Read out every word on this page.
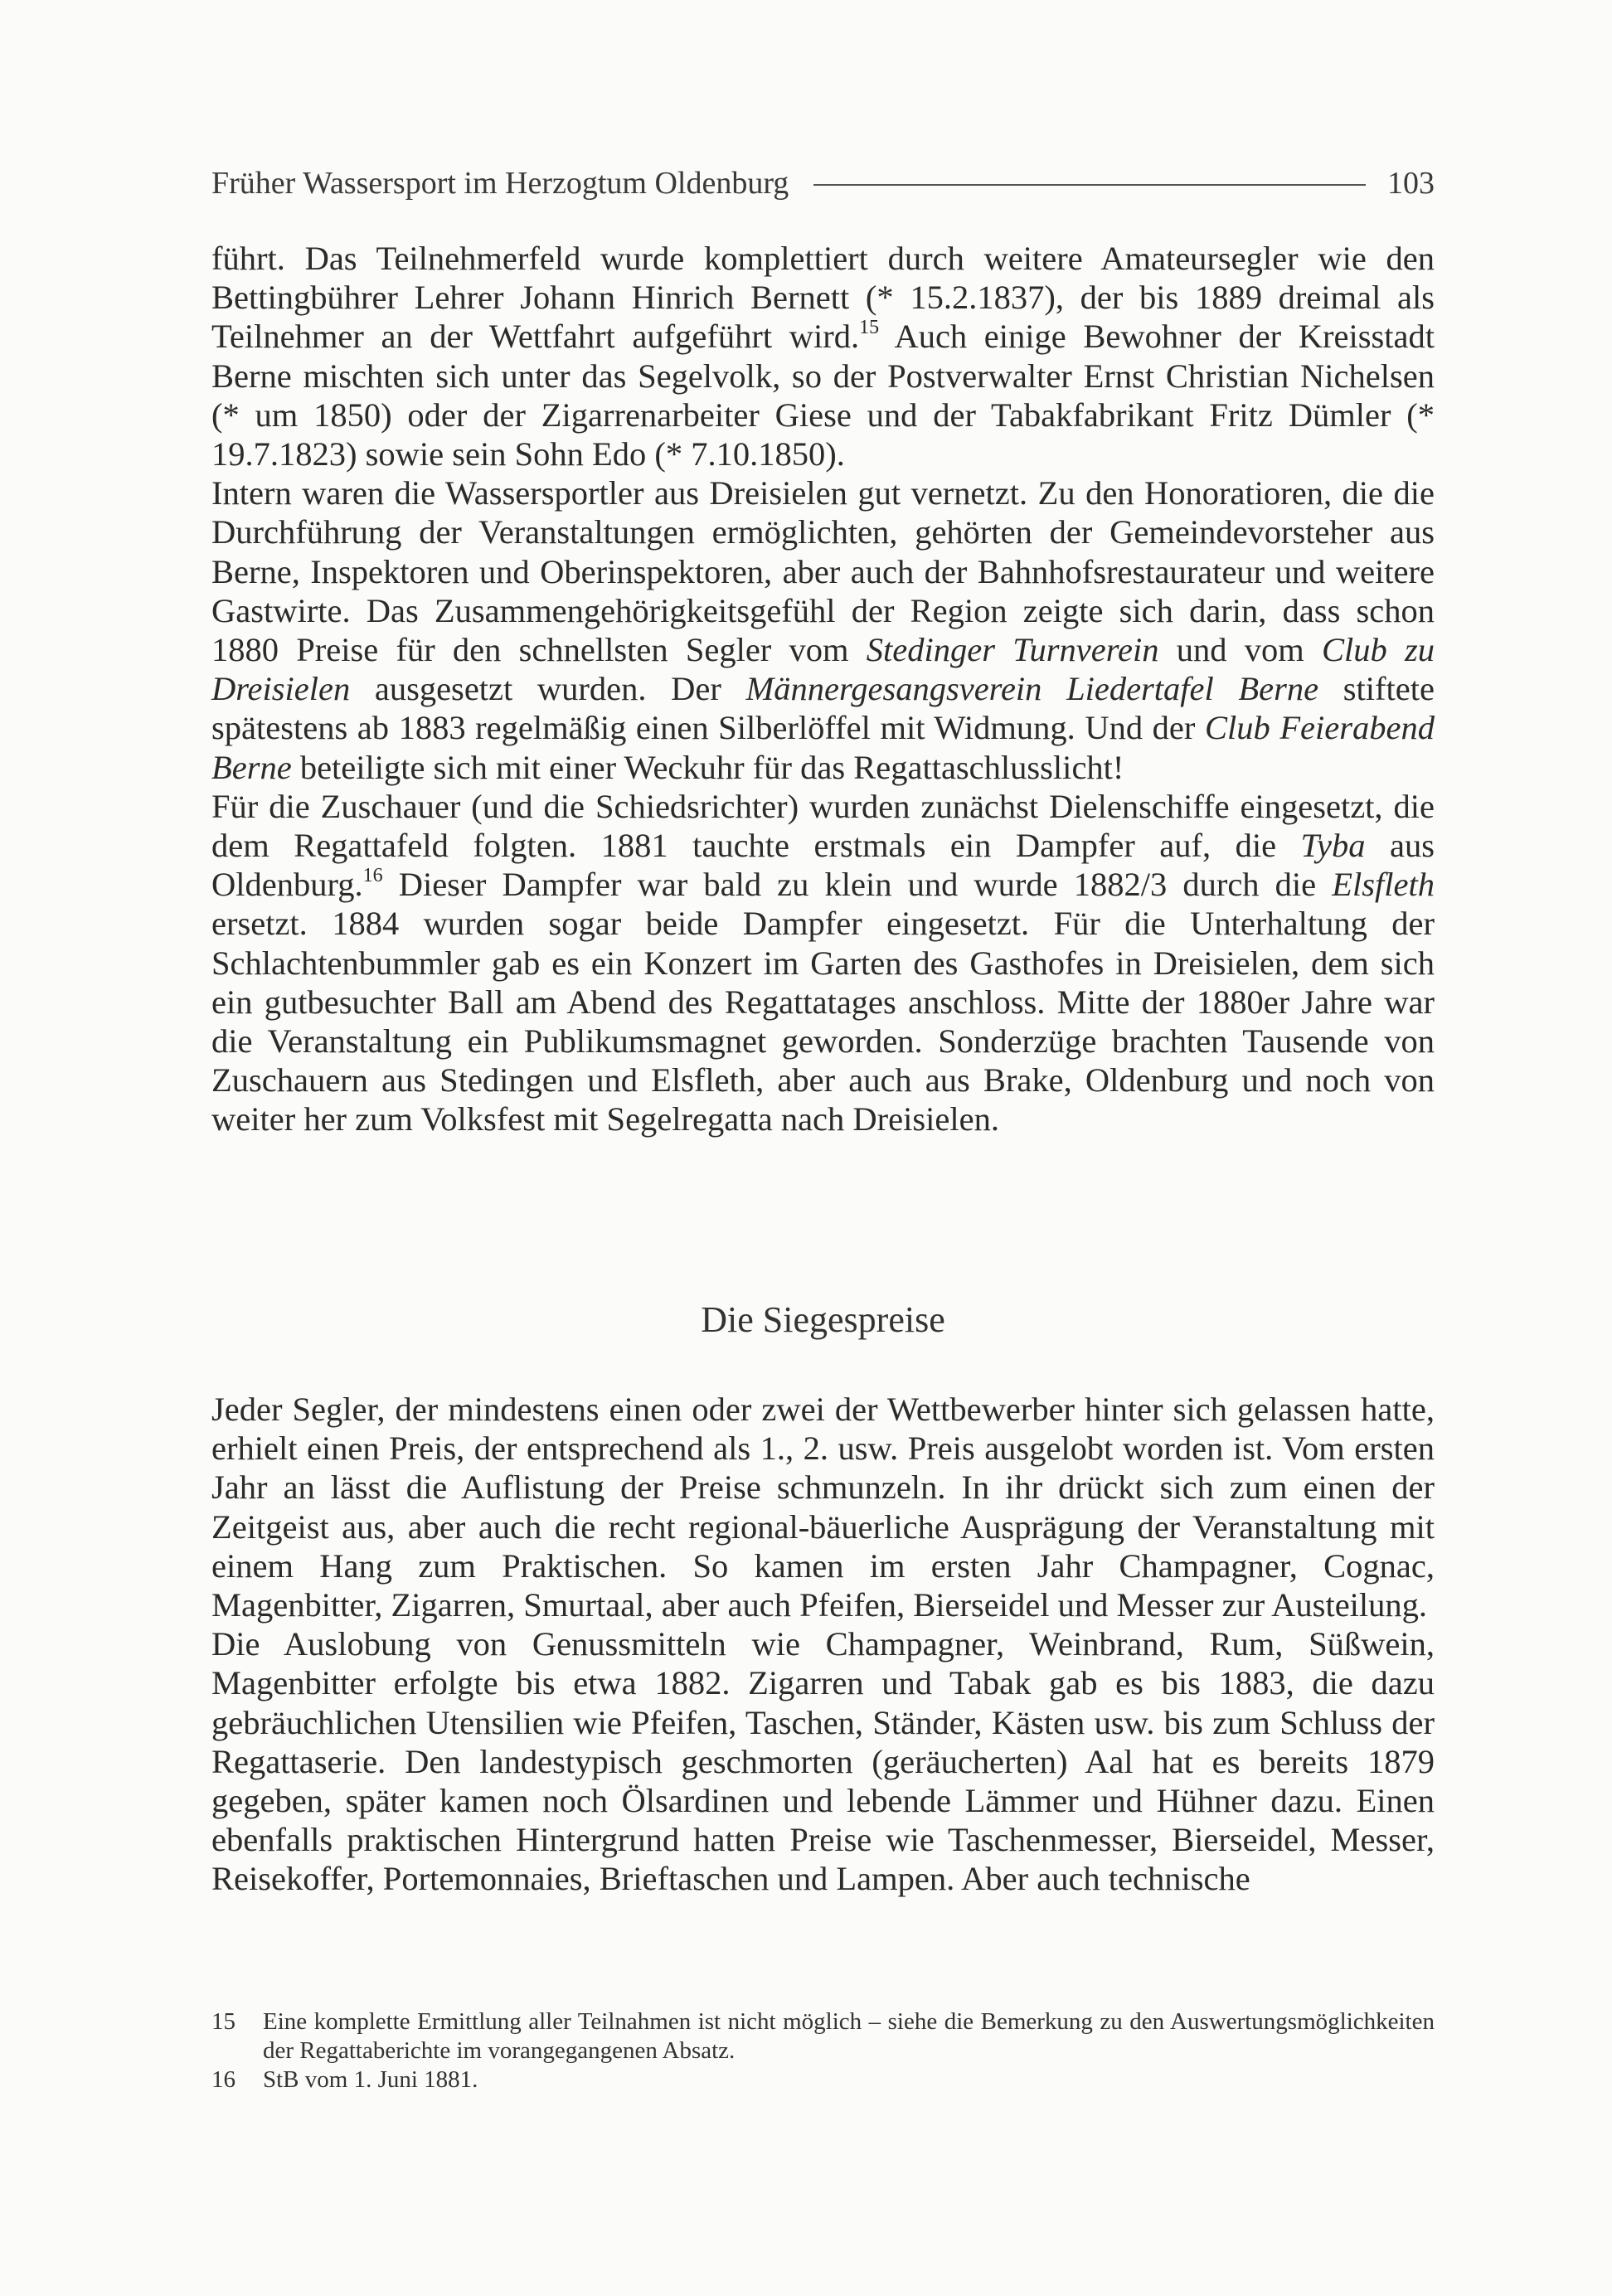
Früher Wassersport im Herzogtum Oldenburg	103

führt. Das Teilnehmerfeld wurde komplettiert durch weitere Amateursegler wie den Bettingbührer Lehrer Johann Hinrich Bernett (* 15.2.1837), der bis 1889 dreimal als Teilnehmer an der Wettfahrt aufgeführt wird.$^{15}$ Auch einige Bewohner der Kreisstadt Berne mischten sich unter das Segelvolk, so der Postverwalter Ernst Christian Nichelsen (* um 1850) oder der Zigarrenarbeiter Giese und der Tabakfabrikant Fritz Dümler (* 19.7.1823) sowie sein Sohn Edo (* 7.10.1850).

Intern waren die Wassersportler aus Dreisielen gut vernetzt. Zu den Honoratioren, die die Durchführung der Veranstaltungen ermöglichten, gehörten der Gemeindevorsteher aus Berne, Inspektoren und Oberinspektoren, aber auch der Bahnhofsrestaurateur und weitere Gastwirte. Das Zusammengehörigkeitsgefühl der Region zeigte sich darin, dass schon 1880 Preise für den schnellsten Segler vom Stedinger Turnverein und vom Club zu Dreisielen ausgesetzt wurden. Der Männergesangsverein Liedertafel Berne stiftete spätestens ab 1883 regelmäßig einen Silberlöffel mit Widmung. Und der Club Feierabend Berne beteiligte sich mit einer Weckuhr für das Regattaschlusslicht!

Für die Zuschauer (und die Schiedsrichter) wurden zunächst Dielenschiffe eingesetzt, die dem Regattafeld folgten. 1881 tauchte erstmals ein Dampfer auf, die Tyba aus Oldenburg.$^{16}$ Dieser Dampfer war bald zu klein und wurde 1882/3 durch die Elsfleth ersetzt. 1884 wurden sogar beide Dampfer eingesetzt. Für die Unterhaltung der Schlachtenbummler gab es ein Konzert im Garten des Gasthofes in Dreisielen, dem sich ein gutbesuchter Ball am Abend des Regattatages anschloss. Mitte der 1880er Jahre war die Veranstaltung ein Publikumsmagnet geworden. Sonderzüge brachten Tausende von Zuschauern aus Stedingen und Elsfleth, aber auch aus Brake, Oldenburg und noch von weiter her zum Volksfest mit Segelregatta nach Dreisielen.

Die Siegespreise

Jeder Segler, der mindestens einen oder zwei der Wettbewerber hinter sich gelassen hatte, erhielt einen Preis, der entsprechend als 1., 2. usw. Preis ausgelobt worden ist. Vom ersten Jahr an lässt die Auflistung der Preise schmunzeln. In ihr drückt sich zum einen der Zeitgeist aus, aber auch die recht regional-bäuerliche Ausprägung der Veranstaltung mit einem Hang zum Praktischen. So kamen im ersten Jahr Champagner, Cognac, Magenbitter, Zigarren, Smurtaal, aber auch Pfeifen, Bierseidel und Messer zur Austeilung.

Die Auslobung von Genussmitteln wie Champagner, Weinbrand, Rum, Süßwein, Magenbitter erfolgte bis etwa 1882. Zigarren und Tabak gab es bis 1883, die dazu gebräuchlichen Utensilien wie Pfeifen, Taschen, Ständer, Kästen usw. bis zum Schluss der Regattaserie. Den landestypisch geschmorten (geräucherten) Aal hat es bereits 1879 gegeben, später kamen noch Ölsardinen und lebende Lämmer und Hühner dazu. Einen ebenfalls praktischen Hintergrund hatten Preise wie Taschenmesser, Bierseidel, Messer, Reisekoffer, Portemonnaies, Brieftaschen und Lampen. Aber auch technische

15	Eine komplette Ermittlung aller Teilnahmen ist nicht möglich – siehe die Bemerkung zu den Auswertungsmöglichkeiten der Regattaberichte im vorangegangenen Absatz.
16	StB vom 1. Juni 1881.
